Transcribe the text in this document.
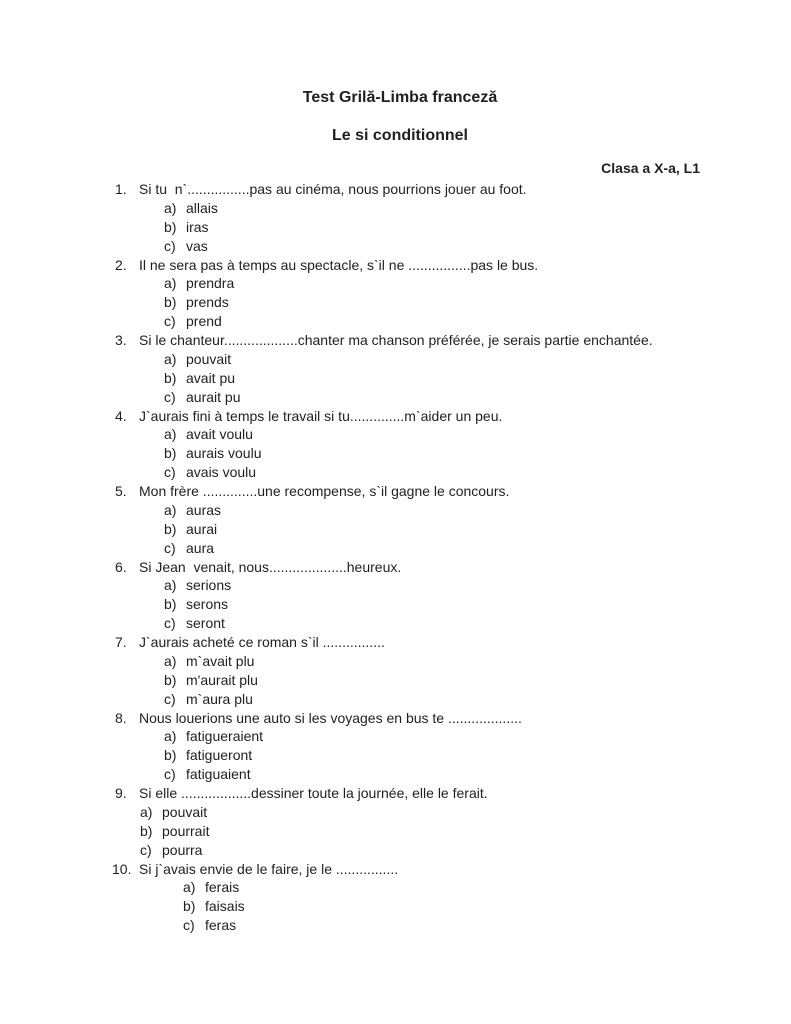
Test Grilă-Limba franceză
Le si conditionnel
Clasa a X-a, L1
1. Si tu  n`................pas au cinéma, nous pourrions jouer au foot.
a) allais
b) iras
c) vas
2. Il ne sera pas à temps au spectacle, s`il ne ................pas le bus.
a) prendra
b) prends
c) prend
3. Si le chanteur...................chanter ma chanson préférée, je serais partie enchantée.
a) pouvait
b) avait pu
c) aurait pu
4. J`aurais fini à temps le travail si tu..............m`aider un peu.
a) avait voulu
b) aurais voulu
c) avais voulu
5. Mon frère ..............une recompense, s`il gagne le concours.
a) auras
b) aurai
c) aura
6. Si Jean  venait, nous....................heureux.
a) serions
b) serons
c) seront
7. J`aurais acheté ce roman s`il ................
a) m`avait plu
b) m'aurait plu
c) m`aura plu
8. Nous louerions une auto si les voyages en bus te ...................
a) fatigueraient
b) fatigueront
c) fatiguaient
9. Si elle ..................dessiner toute la journée, elle le ferait.
a) pouvait
b) pourrait
c) pourra
10. Si j`avais envie de le faire, je le ................
a) ferais
b) faisais
c) feras
